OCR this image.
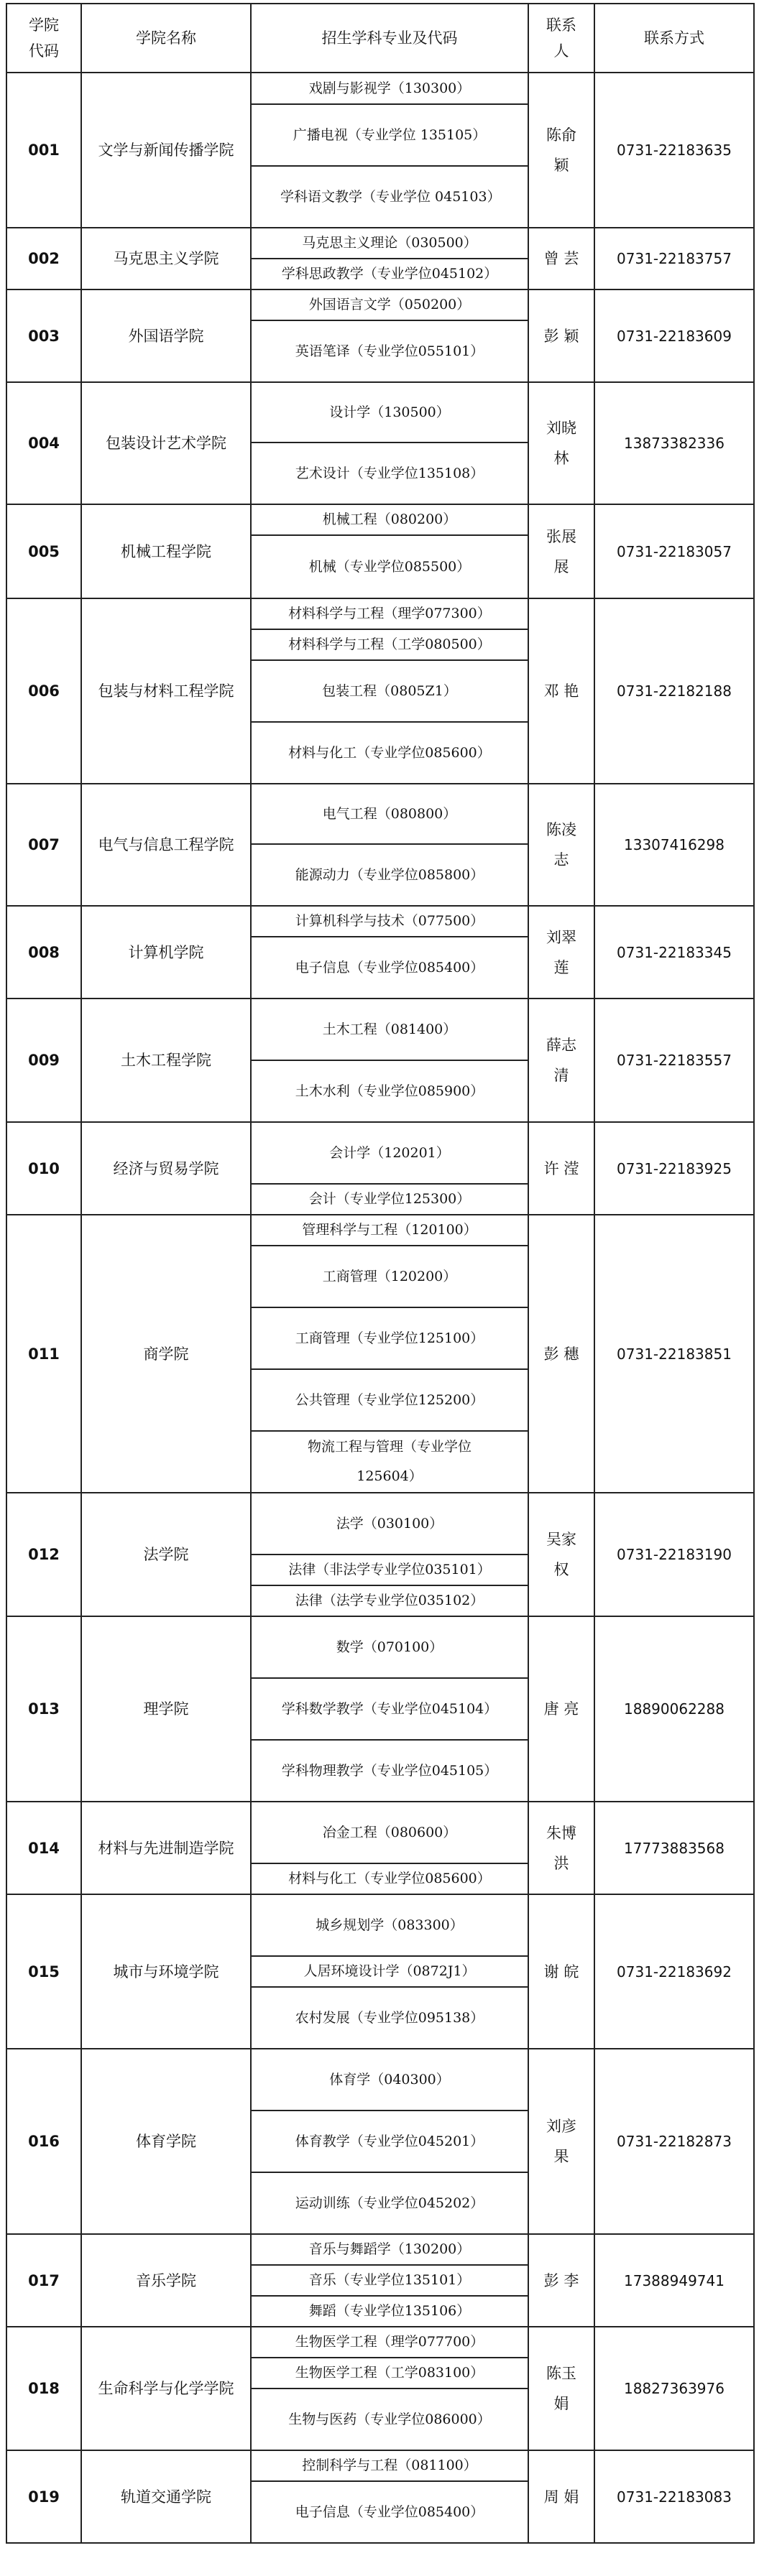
学院代码	学院名称	招生学科专业及代码	联系人	联系方式
001	文学与新闻传播学院	戏剧与影视学（130300）	陈俞颖	0731-22183635
		广播电视（专业学位 135105）		
		学科语文教学（专业学位 045103）		
002	马克思主义学院	马克思主义理论（030500）	曾 芸	0731-22183757
		学科思政教学（专业学位045102）		
003	外国语学院	外国语言文学（050200）	彭 颖	0731-22183609
		英语笔译（专业学位055101）		
004	包装设计艺术学院	设计学（130500）	刘晓林	13873382336
		艺术设计（专业学位135108）		
005	机械工程学院	机械工程（080200）	张展展	0731-22183057
		机械（专业学位085500）		
006	包装与材料工程学院	材料科学与工程（理学077300）	邓 艳	0731-22182188
		材料科学与工程（工学080500）		
		包装工程（0805Z1）		
		材料与化工（专业学位085600）		
007	电气与信息工程学院	电气工程（080800）	陈凌志	13307416298
		能源动力（专业学位085800）		
008	计算机学院	计算机科学与技术（077500）	刘翠莲	0731-22183345
		电子信息（专业学位085400）		
009	土木工程学院	土木工程（081400）	薛志清	0731-22183557
		土木水利（专业学位085900）		
010	经济与贸易学院	会计学（120201）	许 滢	0731-22183925
		会计（专业学位125300）		
011	商学院	管理科学与工程（120100）	彭 穗	0731-22183851
		工商管理（120200）		
		工商管理（专业学位125100）		
		公共管理（专业学位125200）		
		物流工程与管理（专业学位125604）		
012	法学院	法学（030100）	吴家权	0731-22183190
		法律（非法学专业学位035101）		
		法律（法学专业学位035102）		
013	理学院	数学（070100）	唐 亮	18890062288
		学科数学教学（专业学位045104）		
		学科物理教学（专业学位045105）		
014	材料与先进制造学院	冶金工程（080600）	朱博洪	17773883568
		材料与化工（专业学位085600）		
015	城市与环境学院	城乡规划学（083300）	谢 皖	0731-22183692
		人居环境设计学（0872J1）		
		农村发展（专业学位095138）		
016	体育学院	体育学（040300）	刘彦果	0731-22182873
		体育教学（专业学位045201）		
		运动训练（专业学位045202）		
017	音乐学院	音乐与舞蹈学（130200）	彭 李	17388949741
		音乐（专业学位135101）		
		舞蹈（专业学位135106）		
018	生命科学与化学学院	生物医学工程（理学077700）	陈玉娟	18827363976
		生物医学工程（工学083100）		
		生物与医药（专业学位086000）		
019	轨道交通学院	控制科学与工程（081100）	周 娟	0731-22183083
		电子信息（专业学位085400）		
